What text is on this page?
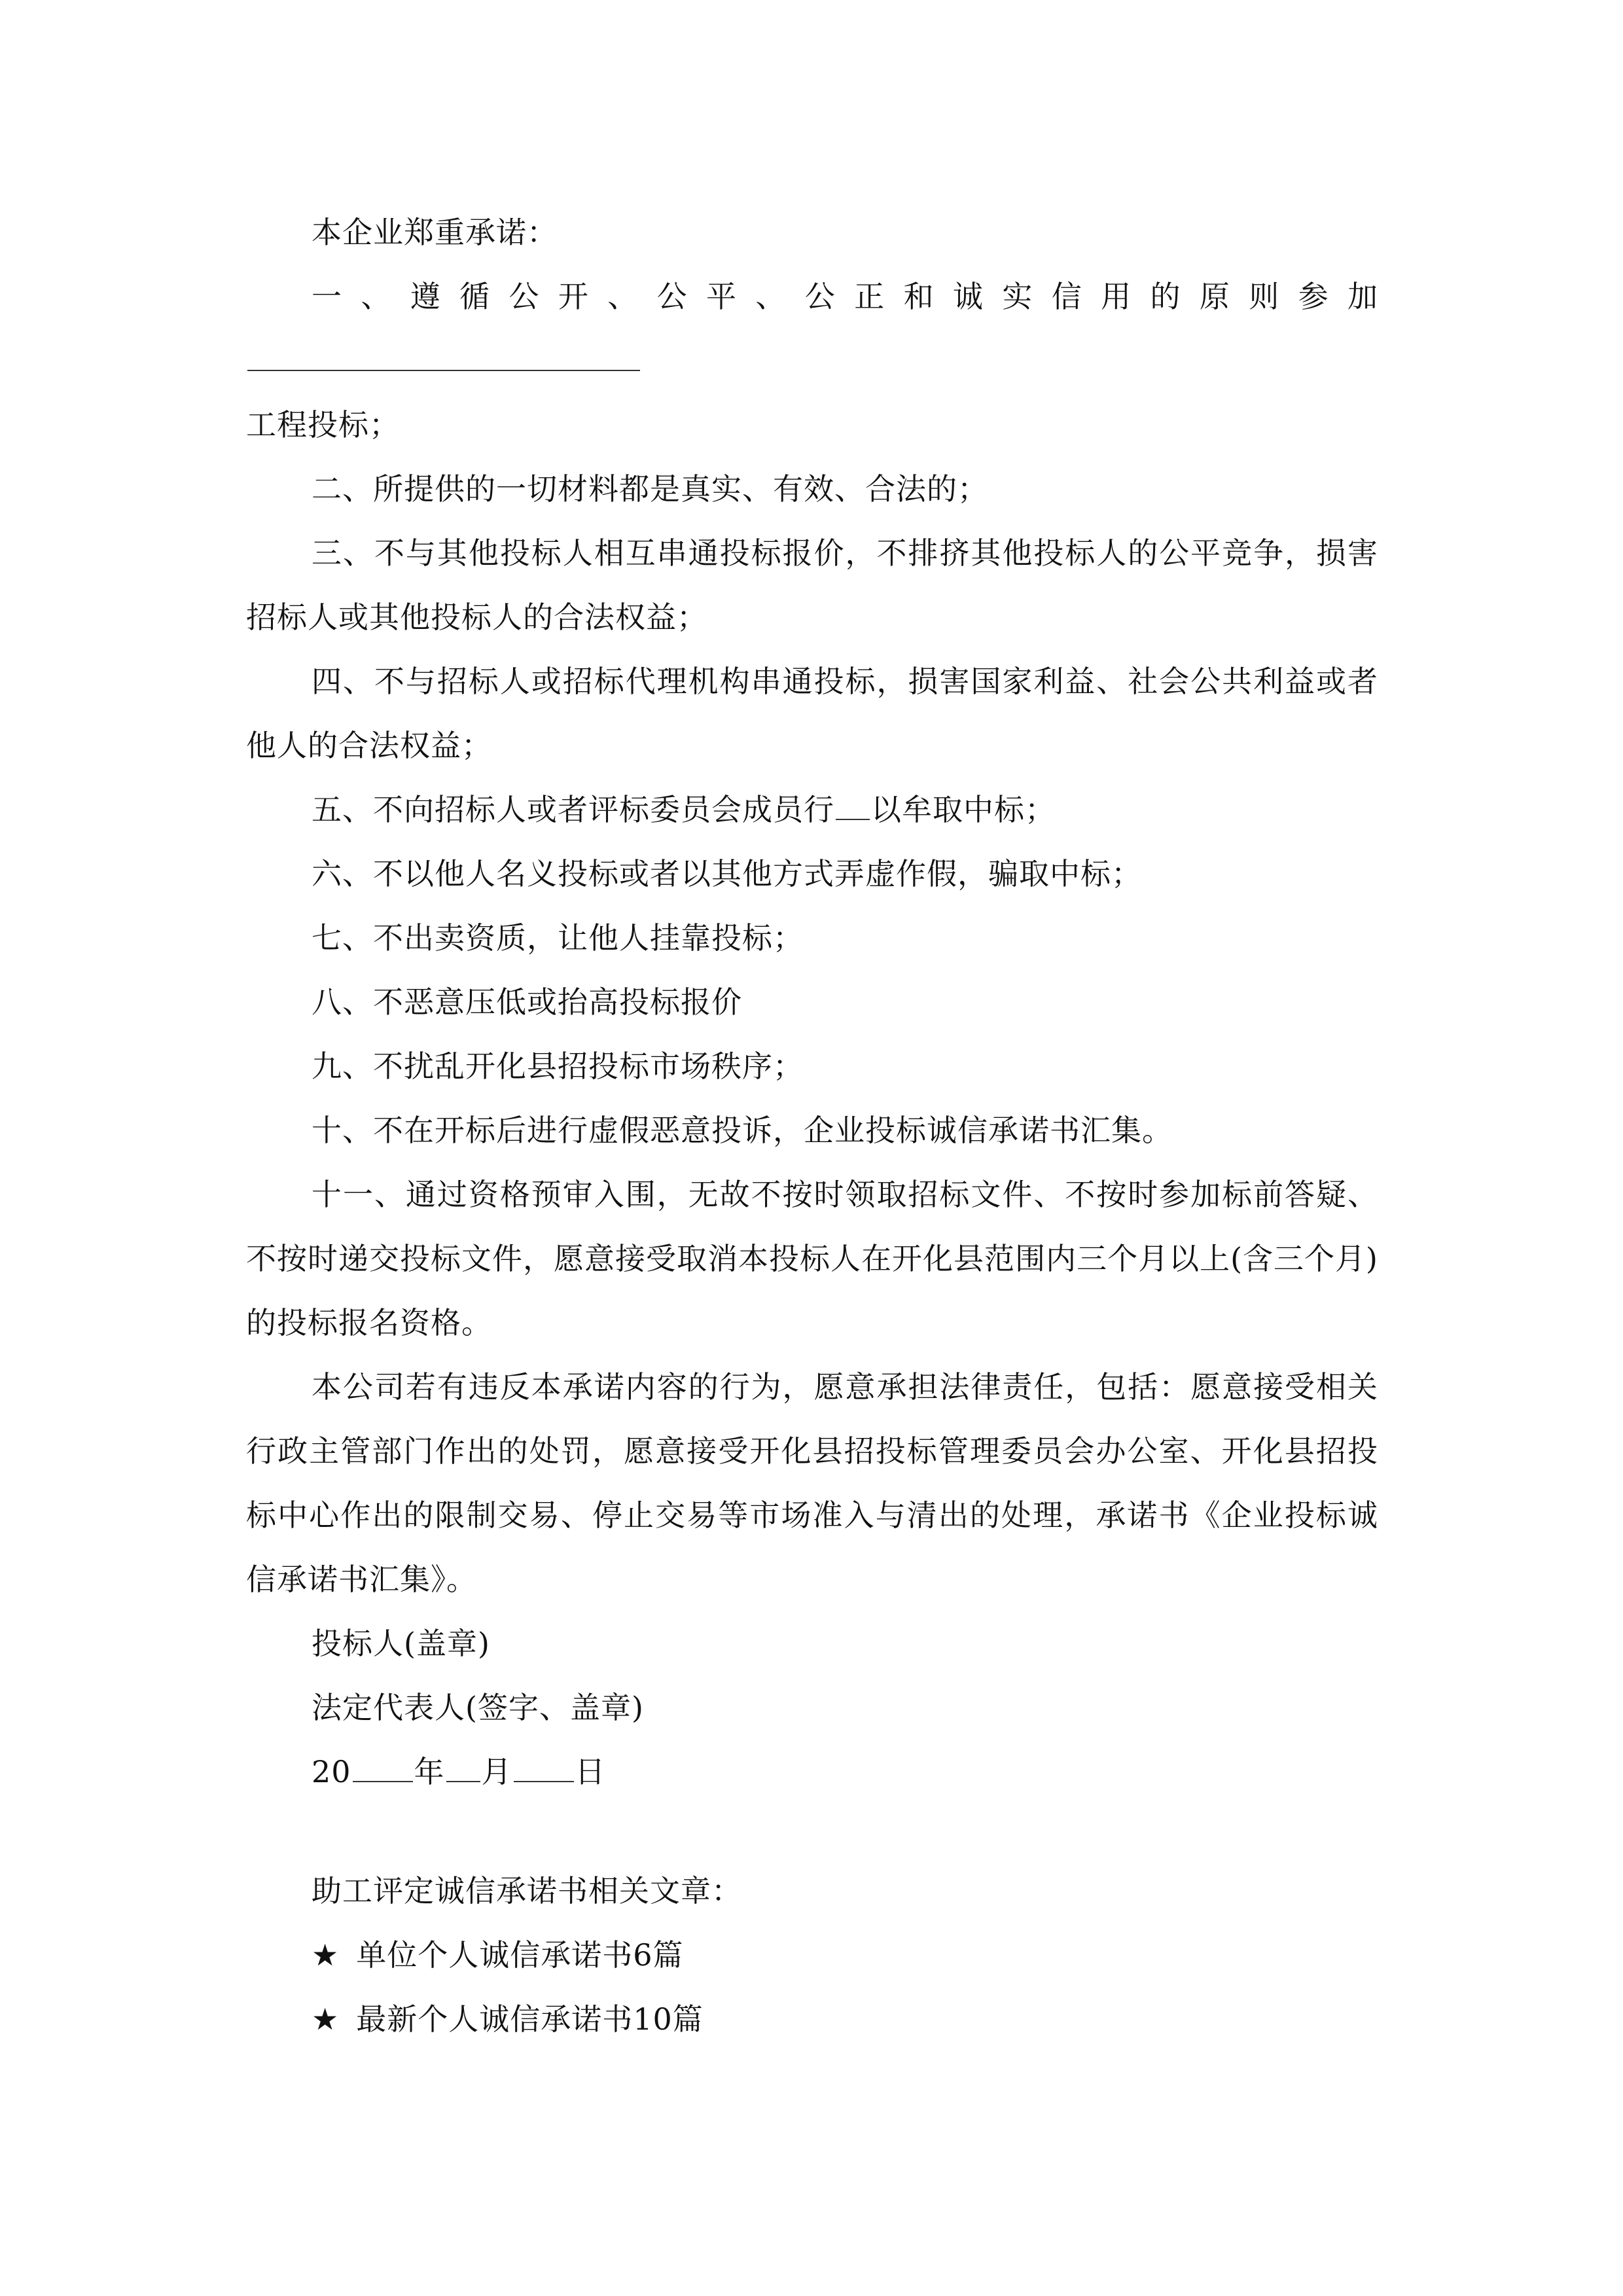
本企业郑重承诺：

一、遵循公开、公平、公正和诚实信用的原则参加

工程投标；

二、所提供的一切材料都是真实、有效、合法的；

三、不与其他投标人相互串通投标报价，不排挤其他投标人的公平竞争，损害招标人或其他投标人的合法权益；

四、不与招标人或招标代理机构串通投标，损害国家利益、社会公共利益或者他人的合法权益；

五、不向招标人或者评标委员会成员行 以牟取中标；

六、不以他人名义投标或者以其他方式弄虚作假，骗取中标；

七、不出卖资质，让他人挂靠投标；

八、不恶意压低或抬高投标报价

九、不扰乱开化县招投标市场秩序；

十、不在开标后进行虚假恶意投诉，企业投标诚信承诺书汇集。

十一、通过资格预审入围，无故不按时领取招标文件、不按时参加标前答疑、不按时递交投标文件，愿意接受取消本投标人在开化县范围内三个月以上(含三个月)的投标报名资格。

本公司若有违反本承诺内容的行为，愿意承担法律责任，包括：愿意接受相关行政主管部门作出的处罚，愿意接受开化县招投标管理委员会办公室、开化县招投标中心作出的限制交易、停止交易等市场准入与清出的处理，承诺书《企业投标诚信承诺书汇集》。

投标人(盖章)

法定代表人(签字、盖章)

20 年 月 日

助工评定诚信承诺书相关文章：

★ 单位个人诚信承诺书6篇

★ 最新个人诚信承诺书10篇
